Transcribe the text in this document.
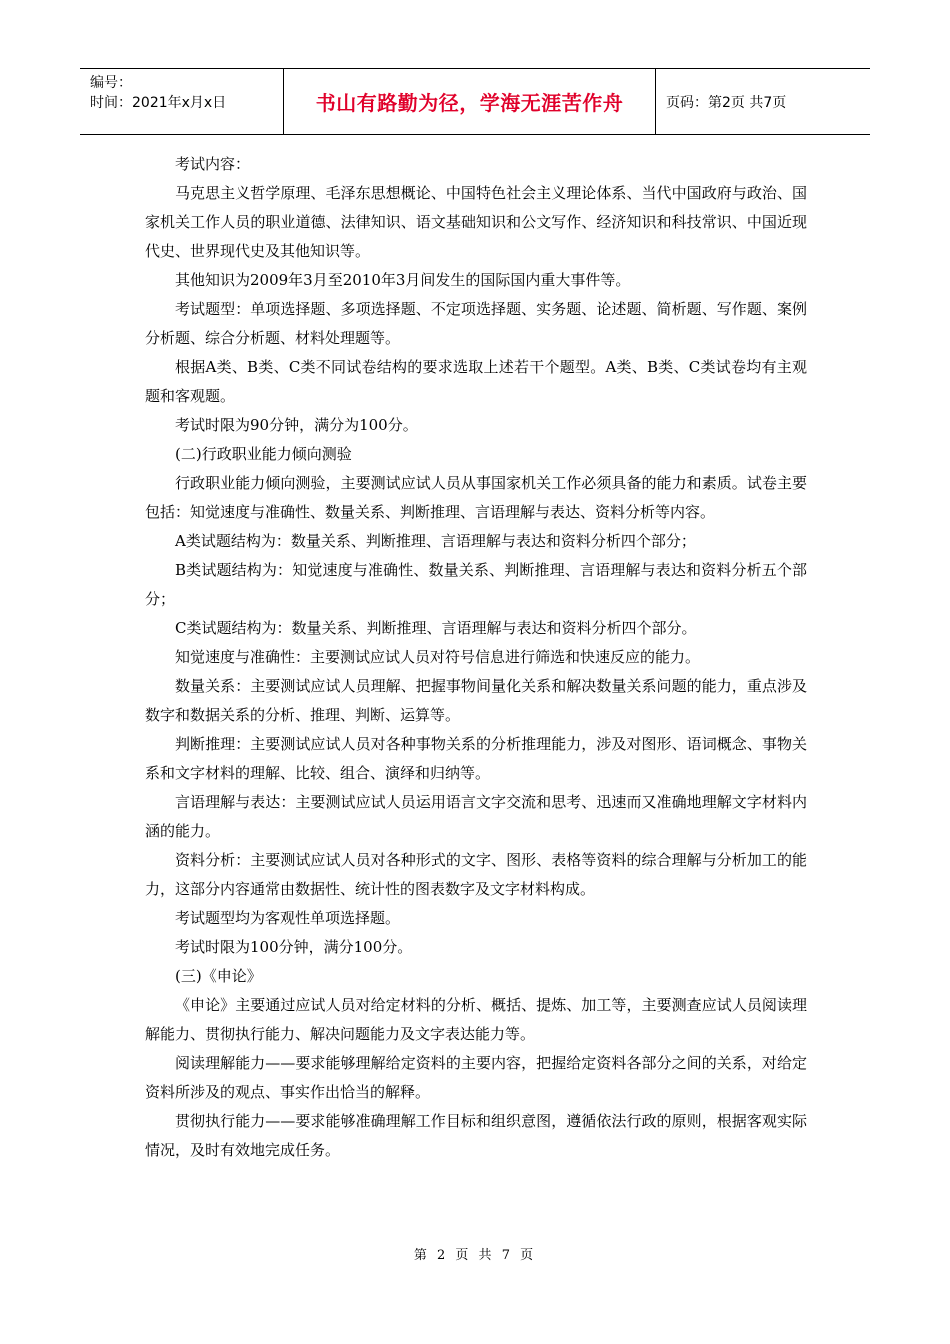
编号：
时间：2021年x月x日	书山有路勤为径，学海无涯苦作舟	页码：第2页 共7页

考试内容：

马克思主义哲学原理、毛泽东思想概论、中国特色社会主义理论体系、当代中国政府与政治、国家机关工作人员的职业道德、法律知识、语文基础知识和公文写作、经济知识和科技常识、中国近现代史、世界现代史及其他知识等。

其他知识为2009年3月至2010年3月间发生的国际国内重大事件等。

考试题型：单项选择题、多项选择题、不定项选择题、实务题、论述题、简析题、写作题、案例分析题、综合分析题、材料处理题等。

根据A类、B类、C类不同试卷结构的要求选取上述若干个题型。A类、B类、C类试卷均有主观题和客观题。

考试时限为90分钟，满分为100分。

(二)行政职业能力倾向测验

行政职业能力倾向测验，主要测试应试人员从事国家机关工作必须具备的能力和素质。试卷主要包括：知觉速度与准确性、数量关系、判断推理、言语理解与表达、资料分析等内容。

A类试题结构为：数量关系、判断推理、言语理解与表达和资料分析四个部分；

B类试题结构为：知觉速度与准确性、数量关系、判断推理、言语理解与表达和资料分析五个部分；

C类试题结构为：数量关系、判断推理、言语理解与表达和资料分析四个部分。

知觉速度与准确性：主要测试应试人员对符号信息进行筛选和快速反应的能力。

数量关系：主要测试应试人员理解、把握事物间量化关系和解决数量关系问题的能力，重点涉及数字和数据关系的分析、推理、判断、运算等。

判断推理：主要测试应试人员对各种事物关系的分析推理能力，涉及对图形、语词概念、事物关系和文字材料的理解、比较、组合、演绎和归纳等。

言语理解与表达：主要测试应试人员运用语言文字交流和思考、迅速而又准确地理解文字材料内涵的能力。

资料分析：主要测试应试人员对各种形式的文字、图形、表格等资料的综合理解与分析加工的能力，这部分内容通常由数据性、统计性的图表数字及文字材料构成。

考试题型均为客观性单项选择题。

考试时限为100分钟，满分100分。

(三)《申论》

《申论》主要通过应试人员对给定材料的分析、概括、提炼、加工等，主要测查应试人员阅读理解能力、贯彻执行能力、解决问题能力及文字表达能力等。

阅读理解能力——要求能够理解给定资料的主要内容，把握给定资料各部分之间的关系，对给定资料所涉及的观点、事实作出恰当的解释。

贯彻执行能力——要求能够准确理解工作目标和组织意图，遵循依法行政的原则，根据客观实际情况，及时有效地完成任务。

第 2 页 共 7 页
